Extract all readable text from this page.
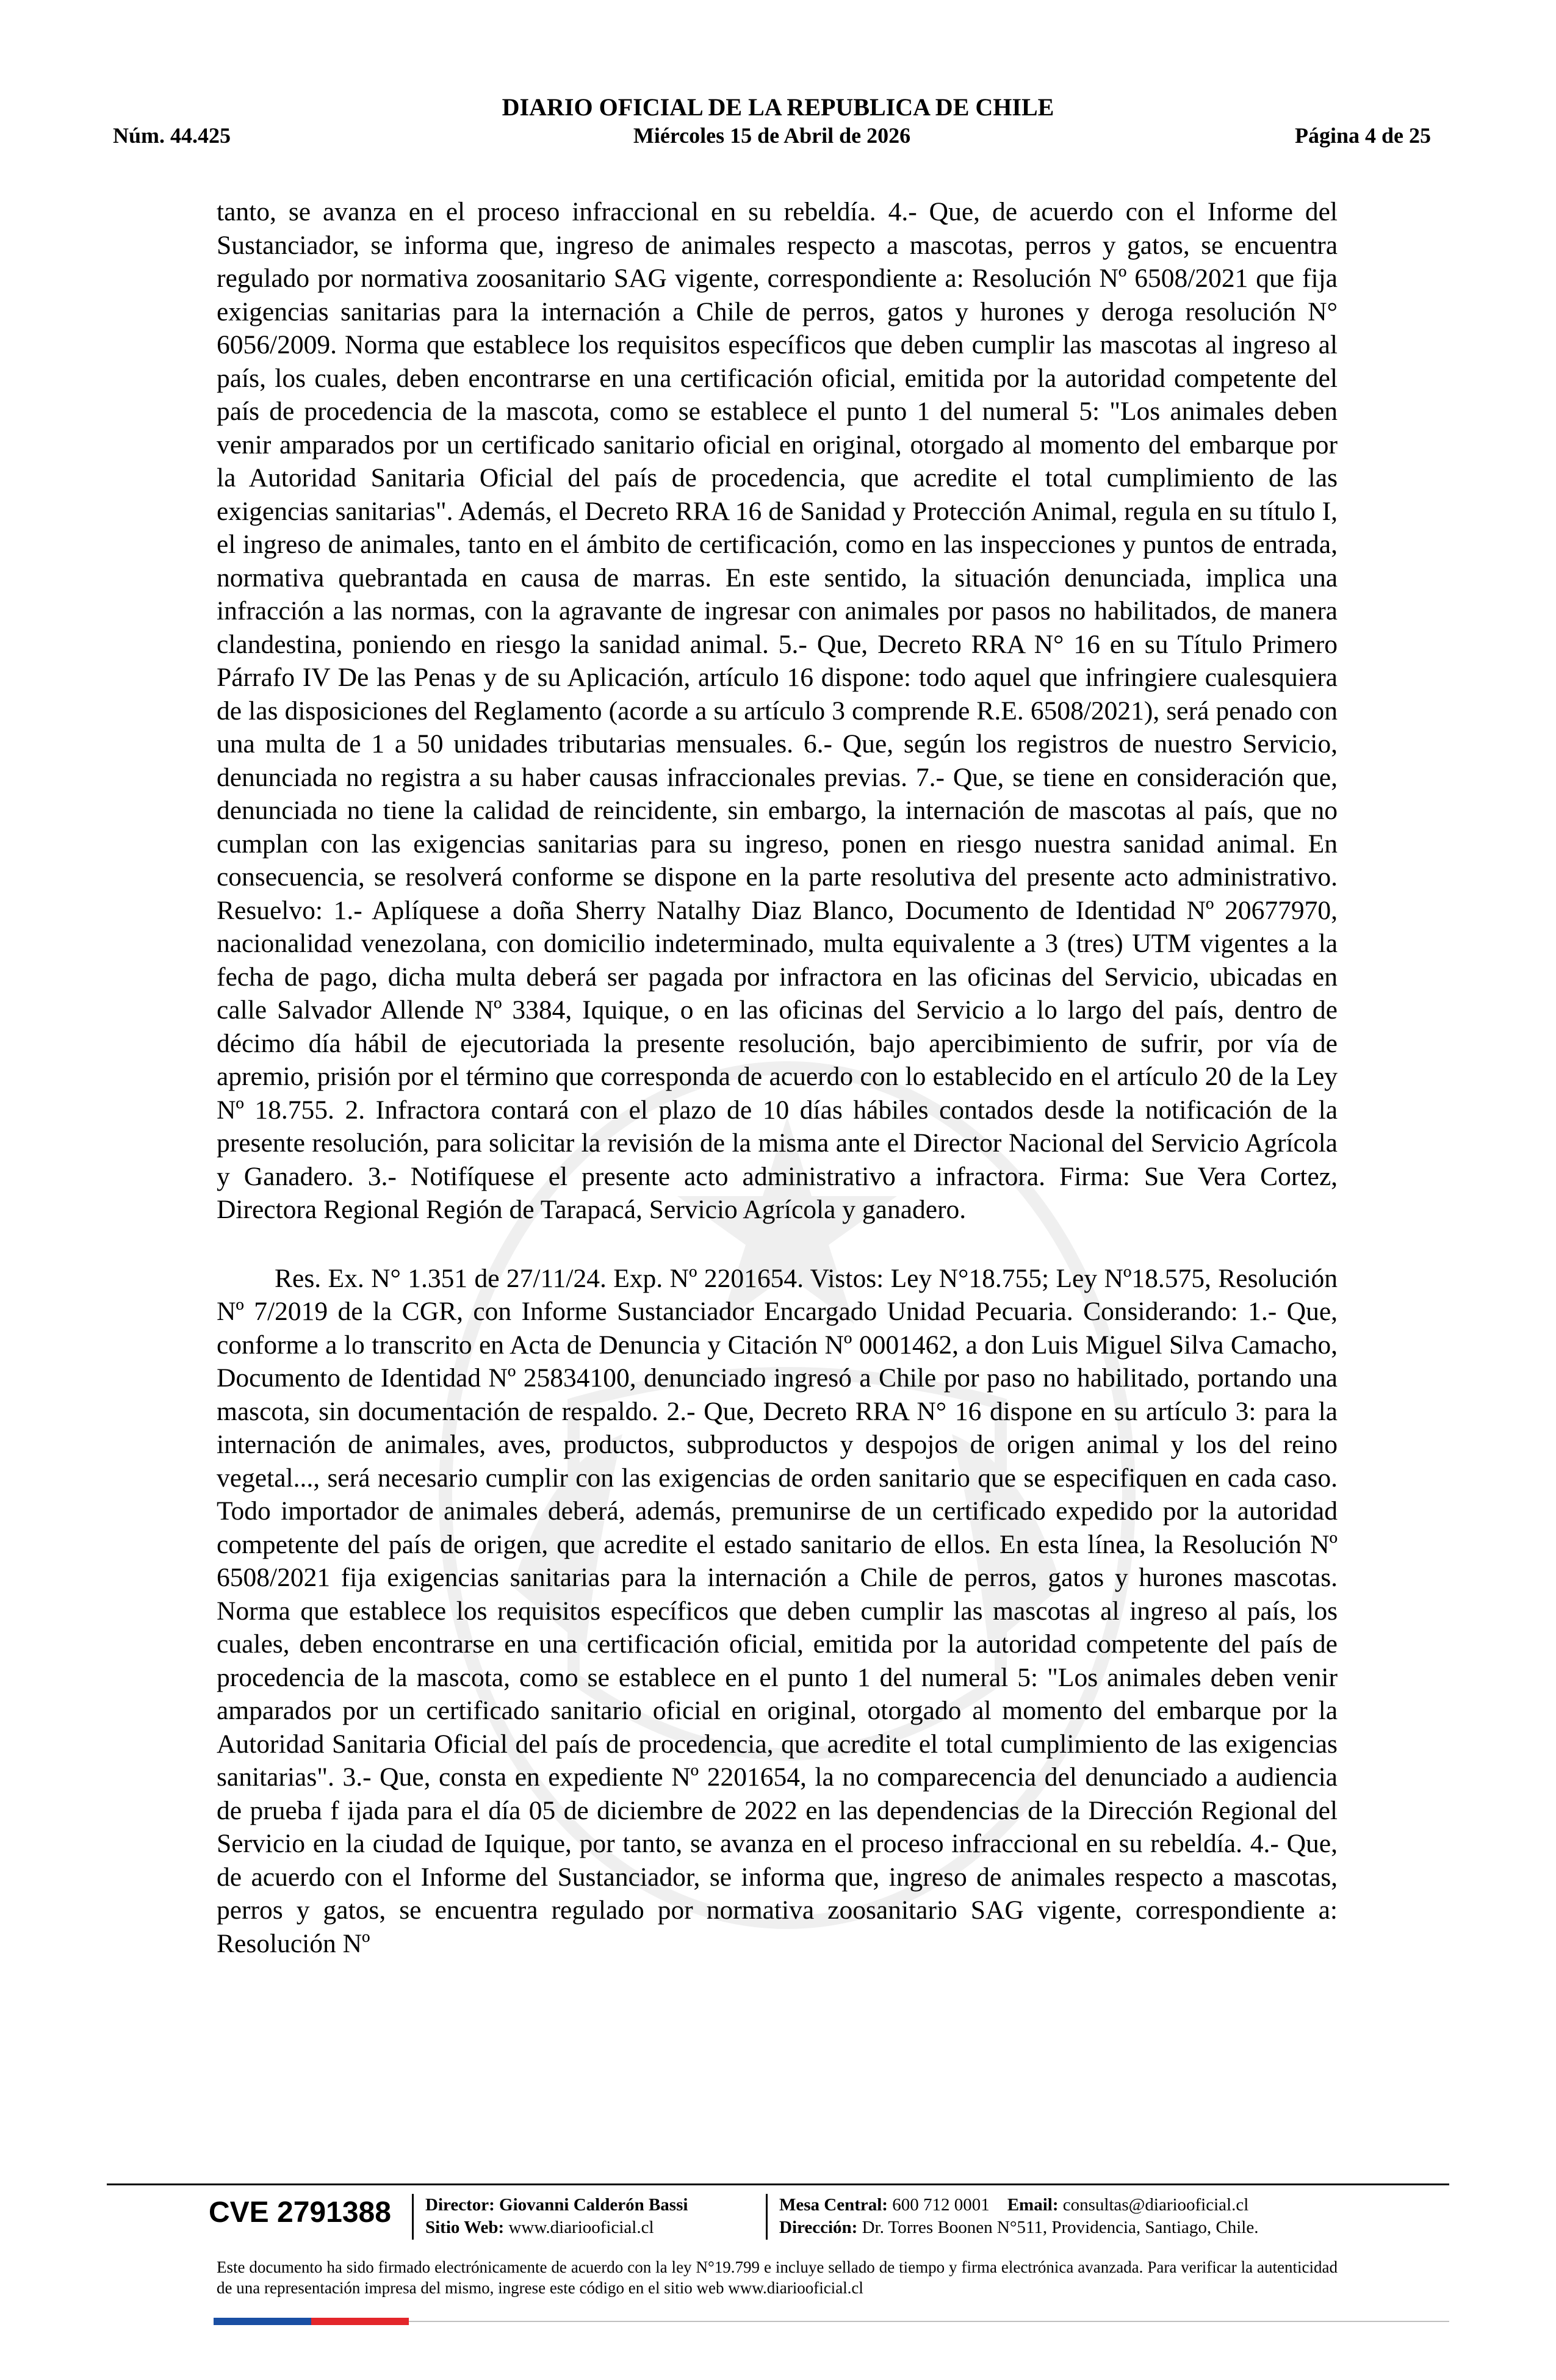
DIARIO OFICIAL DE LA REPUBLICA DE CHILE
Núm. 44.425	Miércoles 15 de Abril de 2026	Página 4 de 25

tanto, se avanza en el proceso infraccional en su rebeldía. 4.- Que, de acuerdo con el Informe del Sustanciador, se informa que, ingreso de animales respecto a mascotas, perros y gatos, se encuentra regulado por normativa zoosanitario SAG vigente, correspondiente a: Resolución Nº 6508/2021 que fija exigencias sanitarias para la internación a Chile de perros, gatos y hurones y deroga resolución N° 6056/2009. Norma que establece los requisitos específicos que deben cumplir las mascotas al ingreso al país, los cuales, deben encontrarse en una certificación oficial, emitida por la autoridad competente del país de procedencia de la mascota, como se establece el punto 1 del numeral 5: "Los animales deben venir amparados por un certificado sanitario oficial en original, otorgado al momento del embarque por la Autoridad Sanitaria Oficial del país de procedencia, que acredite el total cumplimiento de las exigencias sanitarias". Además, el Decreto RRA 16 de Sanidad y Protección Animal, regula en su título I, el ingreso de animales, tanto en el ámbito de certificación, como en las inspecciones y puntos de entrada, normativa quebrantada en causa de marras. En este sentido, la situación denunciada, implica una infracción a las normas, con la agravante de ingresar con animales por pasos no habilitados, de manera clandestina, poniendo en riesgo la sanidad animal. 5.- Que, Decreto RRA N° 16 en su Título Primero Párrafo IV De las Penas y de su Aplicación, artículo 16 dispone: todo aquel que infringiere cualesquiera de las disposiciones del Reglamento (acorde a su artículo 3 comprende R.E. 6508/2021), será penado con una multa de 1 a 50 unidades tributarias mensuales. 6.- Que, según los registros de nuestro Servicio, denunciada no registra a su haber causas infraccionales previas. 7.- Que, se tiene en consideración que, denunciada no tiene la calidad de reincidente, sin embargo, la internación de mascotas al país, que no cumplan con las exigencias sanitarias para su ingreso, ponen en riesgo nuestra sanidad animal. En consecuencia, se resolverá conforme se dispone en la parte resolutiva del presente acto administrativo. Resuelvo: 1.- Aplíquese a doña Sherry Natalhy Diaz Blanco, Documento de Identidad Nº 20677970, nacionalidad venezolana, con domicilio indeterminado, multa equivalente a 3 (tres) UTM vigentes a la fecha de pago, dicha multa deberá ser pagada por infractora en las oficinas del Servicio, ubicadas en calle Salvador Allende Nº 3384, Iquique, o en las oficinas del Servicio a lo largo del país, dentro de décimo día hábil de ejecutoriada la presente resolución, bajo apercibimiento de sufrir, por vía de apremio, prisión por el término que corresponda de acuerdo con lo establecido en el artículo 20 de la Ley Nº 18.755. 2. Infractora contará con el plazo de 10 días hábiles contados desde la notificación de la presente resolución, para solicitar la revisión de la misma ante el Director Nacional del Servicio Agrícola y Ganadero. 3.- Notifíquese el presente acto administrativo a infractora. Firma: Sue Vera Cortez, Directora Regional Región de Tarapacá, Servicio Agrícola y ganadero.

Res. Ex. N° 1.351 de 27/11/24. Exp. Nº 2201654. Vistos: Ley N°18.755; Ley Nº18.575, Resolución Nº 7/2019 de la CGR, con Informe Sustanciador Encargado Unidad Pecuaria. Considerando: 1.- Que, conforme a lo transcrito en Acta de Denuncia y Citación Nº 0001462, a don Luis Miguel Silva Camacho, Documento de Identidad Nº 25834100, denunciado ingresó a Chile por paso no habilitado, portando una mascota, sin documentación de respaldo. 2.- Que, Decreto RRA N° 16 dispone en su artículo 3: para la internación de animales, aves, productos, subproductos y despojos de origen animal y los del reino vegetal..., será necesario cumplir con las exigencias de orden sanitario que se especifiquen en cada caso. Todo importador de animales deberá, además, premunirse de un certificado expedido por la autoridad competente del país de origen, que acredite el estado sanitario de ellos. En esta línea, la Resolución Nº 6508/2021 fija exigencias sanitarias para la internación a Chile de perros, gatos y hurones mascotas. Norma que establece los requisitos específicos que deben cumplir las mascotas al ingreso al país, los cuales, deben encontrarse en una certificación oficial, emitida por la autoridad competente del país de procedencia de la mascota, como se establece en el punto 1 del numeral 5: "Los animales deben venir amparados por un certificado sanitario oficial en original, otorgado al momento del embarque por la Autoridad Sanitaria Oficial del país de procedencia, que acredite el total cumplimiento de las exigencias sanitarias". 3.- Que, consta en expediente Nº 2201654, la no comparecencia del denunciado a audiencia de prueba f ijada para el día 05 de diciembre de 2022 en las dependencias de la Dirección Regional del Servicio en la ciudad de Iquique, por tanto, se avanza en el proceso infraccional en su rebeldía. 4.- Que, de acuerdo con el Informe del Sustanciador, se informa que, ingreso de animales respecto a mascotas, perros y gatos, se encuentra regulado por normativa zoosanitario SAG vigente, correspondiente a: Resolución Nº

CVE 2791388 Director: Giovanni Calderón Bassi
Sitio Web: www.diariooficial.cl
Mesa Central: 600 712 0001 Email: consultas@diariooficial.cl
Dirección: Dr. Torres Boonen N°511, Providencia, Santiago, Chile.
Este documento ha sido firmado electrónicamente de acuerdo con la ley N°19.799 e incluye sellado de tiempo y firma electrónica avanzada. Para verificar la autenticidad de una representación impresa del mismo, ingrese este código en el sitio web www.diariooficial.cl
